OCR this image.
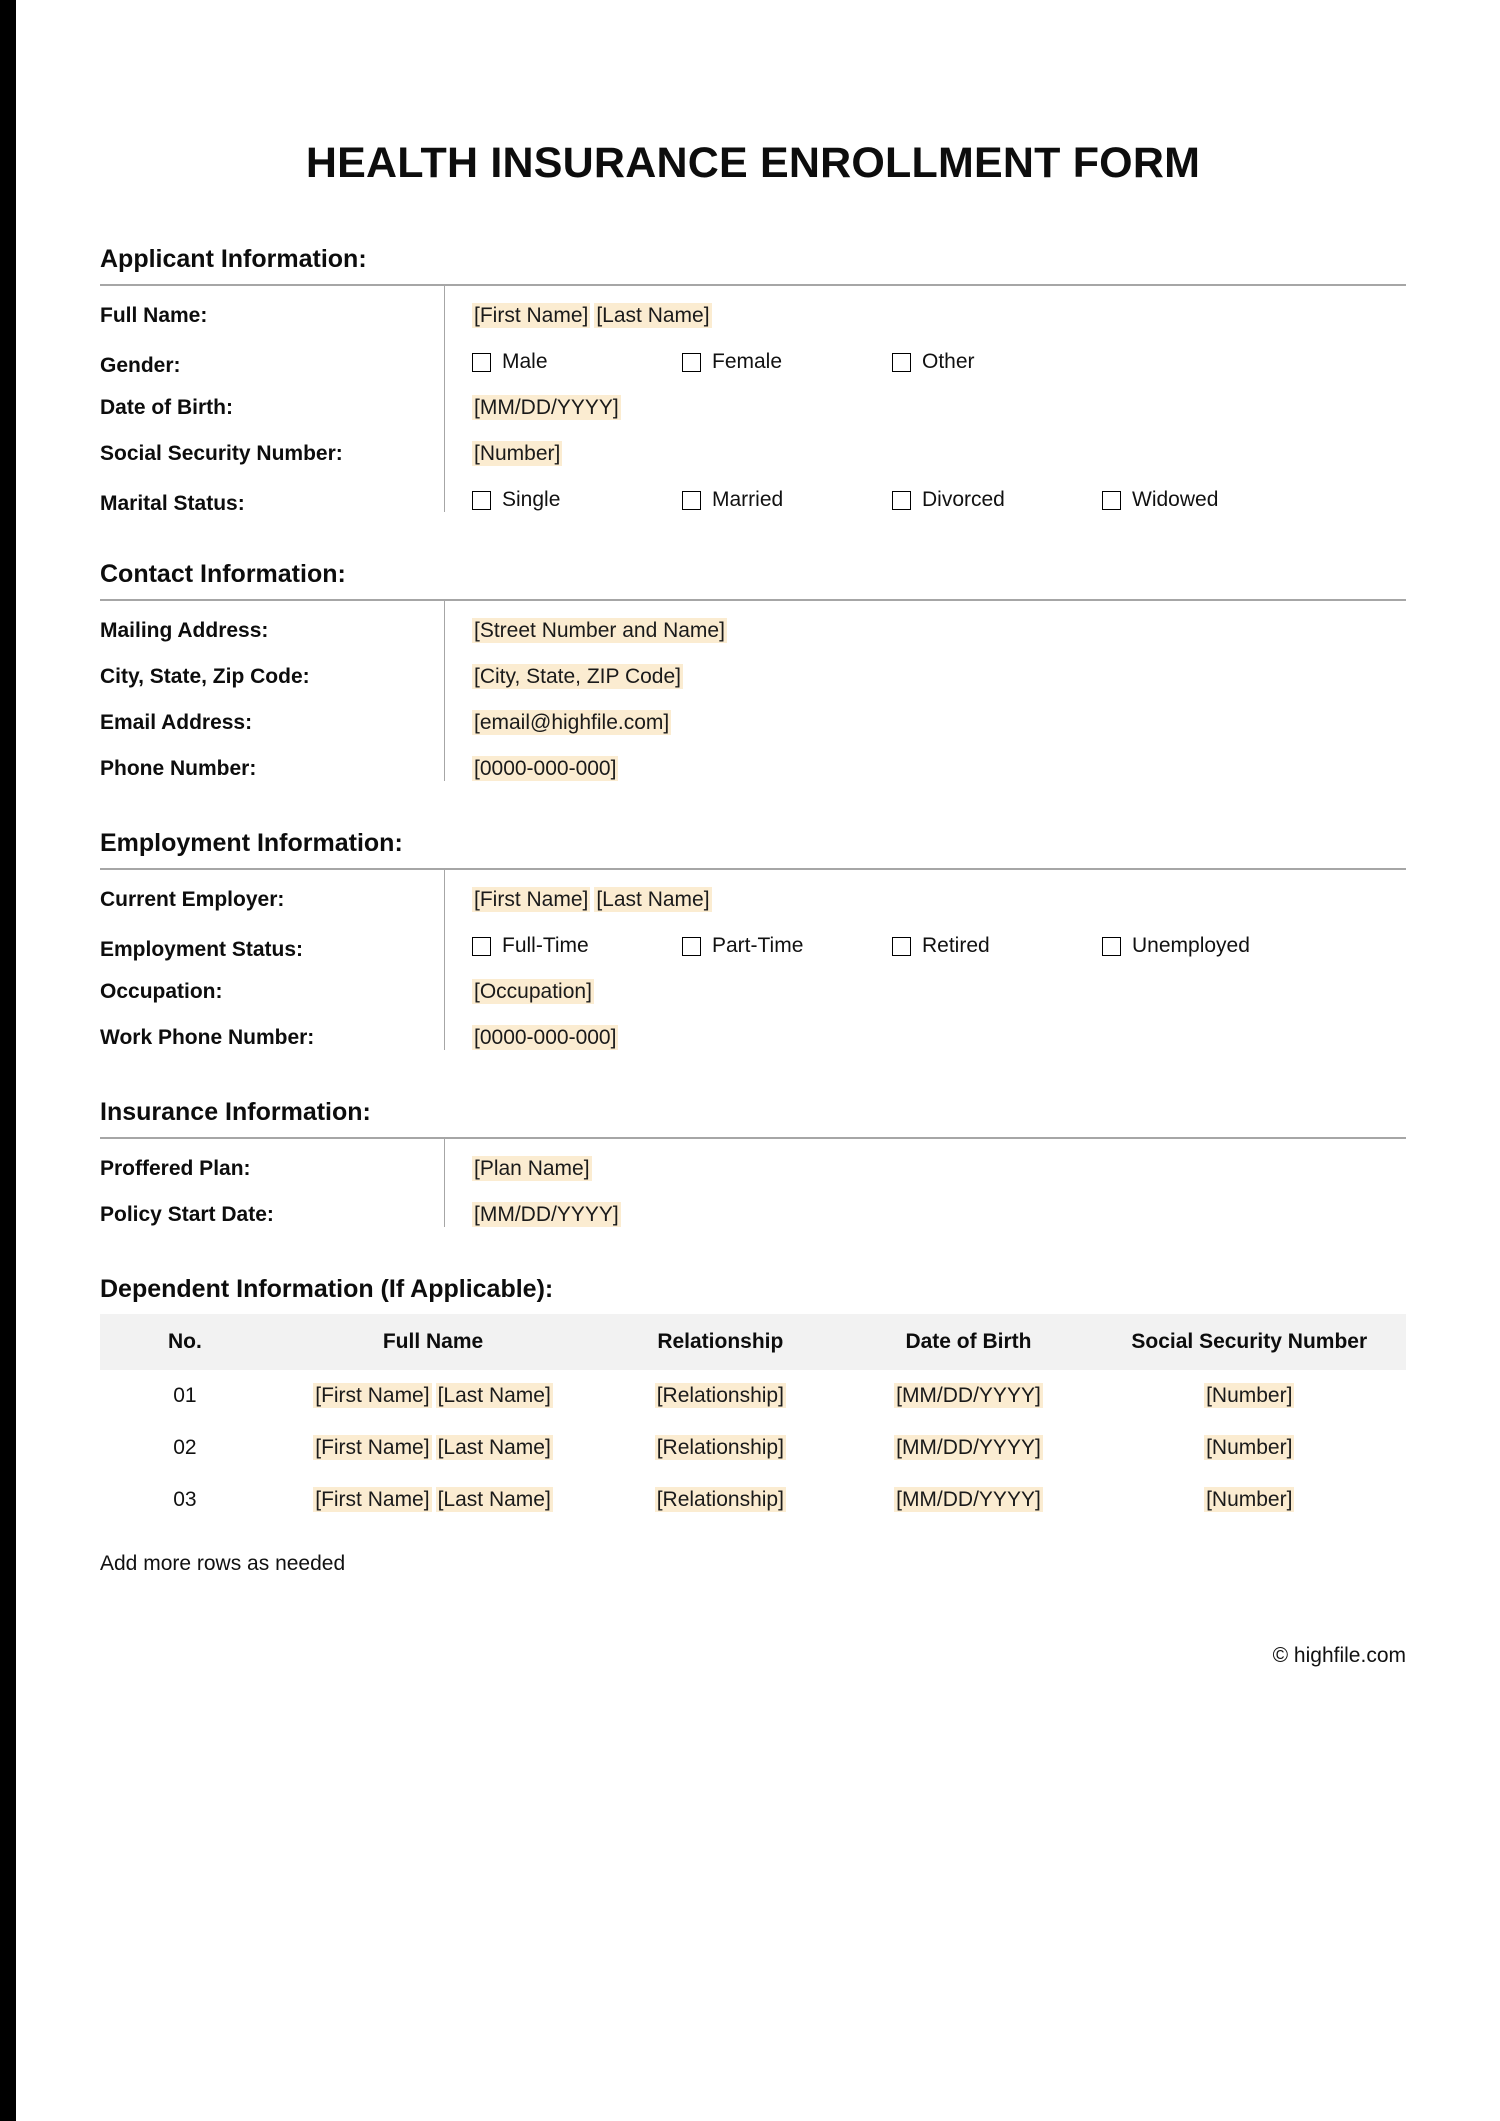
HEALTH INSURANCE ENROLLMENT FORM
Applicant Information:
Full Name:	[First Name] [Last Name]
Gender:	Male	Female	Other
Date of Birth:	[MM/DD/YYYY]
Social Security Number:	[Number]
Marital Status:	Single	Married	Divorced	Widowed
Contact Information:
Mailing Address:	[Street Number and Name]
City, State, Zip Code:	[City, State, ZIP Code]
Email Address:	[email@highfile.com]
Phone Number:	[0000-000-000]
Employment Information:
Current Employer:	[First Name] [Last Name]
Employment Status:	Full-Time	Part-Time	Retired	Unemployed
Occupation:	[Occupation]
Work Phone Number:	[0000-000-000]
Insurance Information:
Proffered Plan:	[Plan Name]
Policy Start Date:	[MM/DD/YYYY]
Dependent Information (If Applicable):
No.	Full Name	Relationship	Date of Birth	Social Security Number
01	[First Name] [Last Name]	[Relationship]	[MM/DD/YYYY]	[Number]
02	[First Name] [Last Name]	[Relationship]	[MM/DD/YYYY]	[Number]
03	[First Name] [Last Name]	[Relationship]	[MM/DD/YYYY]	[Number]
Add more rows as needed
© highfile.com
